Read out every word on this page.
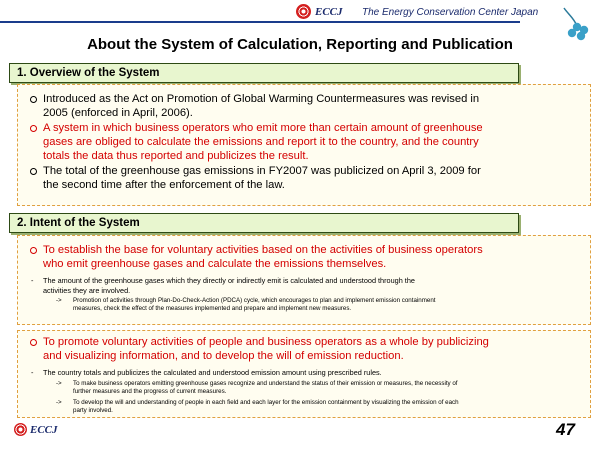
ECCJ The Energy Conservation Center Japan
About the System of Calculation, Reporting and Publication
1. Overview of the System
Introduced as the Act on Promotion of Global Warming Countermeasures was revised in
2005 (enforced in April, 2006).
A system in which business operators who emit more than certain amount of greenhouse
gases are obliged to calculate the emissions and report it to the country, and the country
totals the data thus reported and publicizes the result.
The total of the greenhouse gas emissions in FY2007 was publicized on April 3, 2009 for
the second time after the enforcement of the law.
2. Intent of the System
To establish the base for voluntary activities based on the activities of business operators
who emit greenhouse gases and calculate the emissions themselves.
- The amount of the greenhouse gases which they directly or indirectly emit is calculated and understood through the
activities they are involved.
-> Promotion of activities through Plan-Do-Check-Action (PDCA) cycle, which encourages to plan and implement emission containment
measures, check the effect of the measures implemented and prepare and implement new measures.
To promote voluntary activities of people and business operators as a whole by publicizing
and visualizing information, and to develop the will of emission reduction.
- The country totals and publicizes the calculated and understood emission amount using prescribed rules.
-> To make business operators emitting greenhouse gases recognize and understand the status of their emission or measures, the necessity of
further measures and the progress of current measures.
-> To develop the will and understanding of people in each field and each layer for the emission containment by visualizing the emission of each
party involved.
ECCJ	47
